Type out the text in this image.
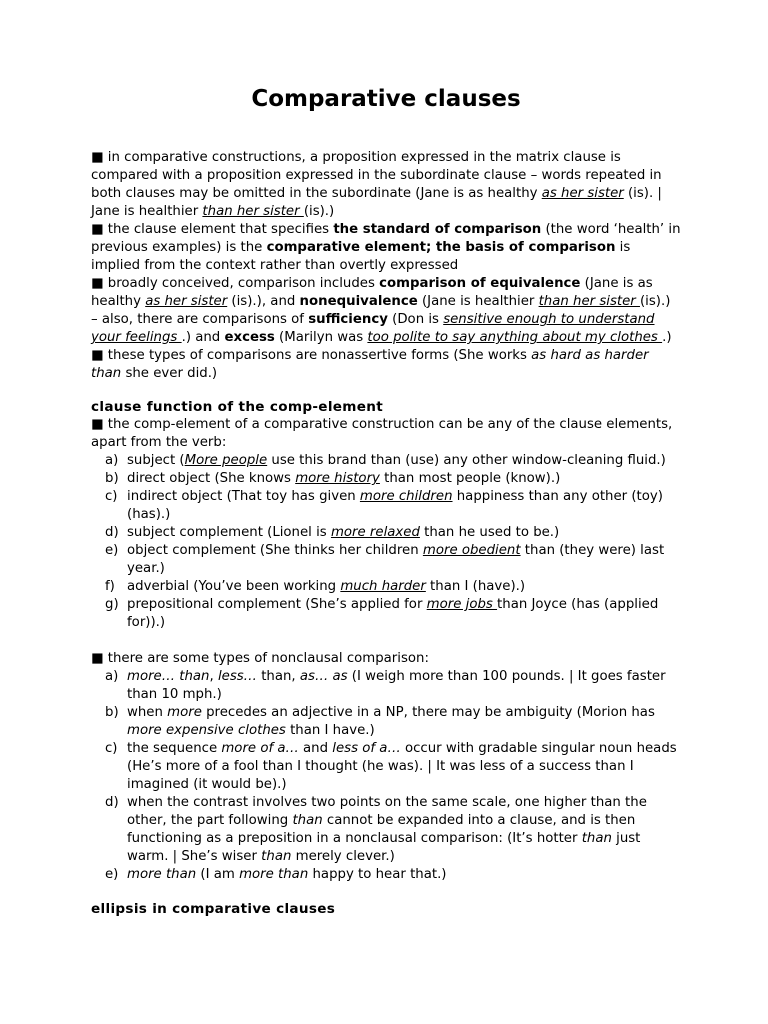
Comparative clauses

■ in comparative constructions, a proposition expressed in the matrix clause is compared with a proposition expressed in the subordinate clause – words repeated in both clauses may be omitted in the subordinate (Jane is as healthy as her sister (is). | Jane is healthier than her sister (is).)

■ the clause element that specifies the standard of comparison (the word ‘health’ in previous examples) is the comparative element; the basis of comparison is implied from the context rather than overtly expressed

■ broadly conceived, comparison includes comparison of equivalence (Jane is as healthy as her sister (is).), and nonequivalence (Jane is healthier than her sister (is).) – also, there are comparisons of sufficiency (Don is sensitive enough to understand your feelings .) and excess (Marilyn was too polite to say anything about my clothes .)

■ these types of comparisons are nonassertive forms (She works as hard as harder than she ever did.)

clause function of the comp-element

■ the comp-element of a comparative construction can be any of the clause elements, apart from the verb:

a) subject (More people use this brand than (use) any other window-cleaning fluid.)
b) direct object (She knows more history than most people (know).)
c) indirect object (That toy has given more children happiness than any other (toy) (has).)
d) subject complement (Lionel is more relaxed than he used to be.)
e) object complement (She thinks her children more obedient than (they were) last year.)
f) adverbial (You’ve been working much harder than I (have).)
g) prepositional complement (She’s applied for more jobs than Joyce (has (applied for)).)

■ there are some types of nonclausal comparison:

a) more… than, less… than, as… as (I weigh more than 100 pounds. | It goes faster than 10 mph.)
b) when more precedes an adjective in a NP, there may be ambiguity (Morion has more expensive clothes than I have.)
c) the sequence more of a… and less of a… occur with gradable singular noun heads (He’s more of a fool than I thought (he was). | It was less of a success than I imagined (it would be).)
d) when the contrast involves two points on the same scale, one higher than the other, the part following than cannot be expanded into a clause, and is then functioning as a preposition in a nonclausal comparison: (It’s hotter than just warm. | She’s wiser than merely clever.)
e) more than (I am more than happy to hear that.)
ellipsis in comparative clauses
